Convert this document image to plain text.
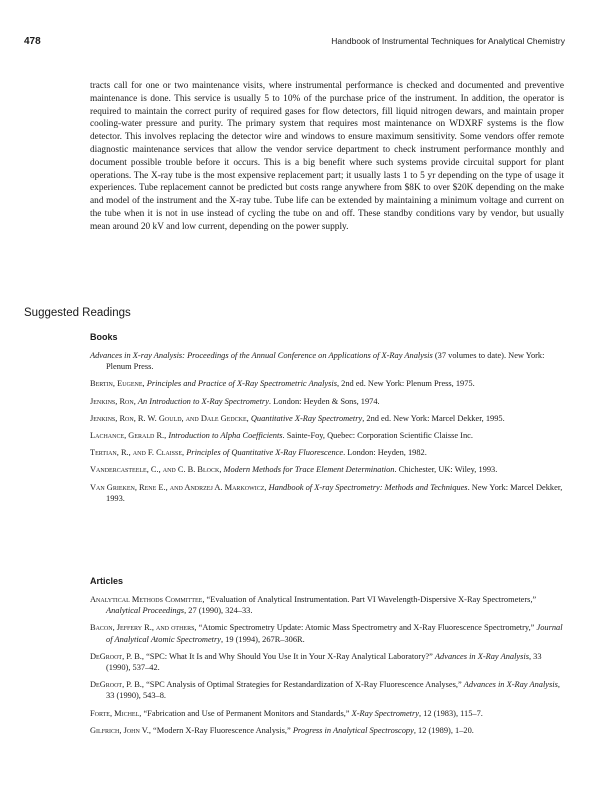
478	Handbook of Instrumental Techniques for Analytical Chemistry

tracts call for one or two maintenance visits, where instrumental performance is checked and documented and preventive maintenance is done. This service is usually 5 to 10% of the purchase price of the instrument. In addition, the operator is required to maintain the correct purity of required gases for flow detectors, fill liquid nitrogen dewars, and maintain proper cooling-water pressure and purity. The primary system that requires most maintenance on WDXRF systems is the flow detector. This involves replacing the detector wire and windows to ensure maximum sensitivity. Some vendors offer remote diagnostic maintenance services that allow the vendor service department to check instrument performance monthly and document possible trouble before it occurs. This is a big benefit where such systems provide circuital support for plant operations. The X-ray tube is the most expensive replacement part; it usually lasts 1 to 5 yr depending on the type of usage it experiences. Tube replacement cannot be predicted but costs range anywhere from $8K to over $20K depending on the make and model of the instrument and the X-ray tube. Tube life can be extended by maintaining a minimum voltage and current on the tube when it is not in use instead of cycling the tube on and off. These standby conditions vary by vendor, but usually mean around 20 kV and low current, depending on the power supply.

Suggested Readings
Books
Advances in X-ray Analysis: Proceedings of the Annual Conference on Applications of X-Ray Analysis (37 volumes to date). New York: Plenum Press.
Bertin, Eugene, Principles and Practice of X-Ray Spectrometric Analysis, 2nd ed. New York: Plenum Press, 1975.
Jenkins, Ron, An Introduction to X-Ray Spectrometry. London: Heyden & Sons, 1974.
Jenkins, Ron, R. W. Gould, and Dale Gedcke, Quantitative X-Ray Spectrometry, 2nd ed. New York: Marcel Dekker, 1995.
Lachance, Gerald R., Introduction to Alpha Coefficients. Sainte-Foy, Quebec: Corporation Scientific Claisse Inc.
Tertian, R., and F. Claisse, Principles of Quantitative X-Ray Fluorescence. London: Heyden, 1982.
Vandercasteele, C., and C. B. Block, Modern Methods for Trace Element Determination. Chichester, UK: Wiley, 1993.
Van Grieken, Rene E., and Andrzej A. Markowicz, Handbook of X-ray Spectrometry: Methods and Techniques. New York: Marcel Dekker, 1993.
Articles
Analytical Methods Committee, “Evaluation of Analytical Instrumentation. Part VI Wavelength-Dispersive X-Ray Spectrometers,” Analytical Proceedings, 27 (1990), 324–33.
Bacon, Jeffery R., and others, “Atomic Spectrometry Update: Atomic Mass Spectrometry and X-Ray Fluorescence Spectrometry,” Journal of Analytical Atomic Spectrometry, 19 (1994), 267R–306R.
DeGroot, P. B., “SPC: What It Is and Why Should You Use It in Your X-Ray Analytical Laboratory?” Advances in X-Ray Analysis, 33 (1990), 537–42.
DeGroot, P. B., “SPC Analysis of Optimal Strategies for Restandardization of X-Ray Fluorescence Analyses,” Advances in X-Ray Analysis, 33 (1990), 543–8.
Forte, Michel, “Fabrication and Use of Permanent Monitors and Standards,” X-Ray Spectrometry, 12 (1983), 115–7.
Gilfrich, John V., “Modern X-Ray Fluorescence Analysis,” Progress in Analytical Spectroscopy, 12 (1989), 1–20.
